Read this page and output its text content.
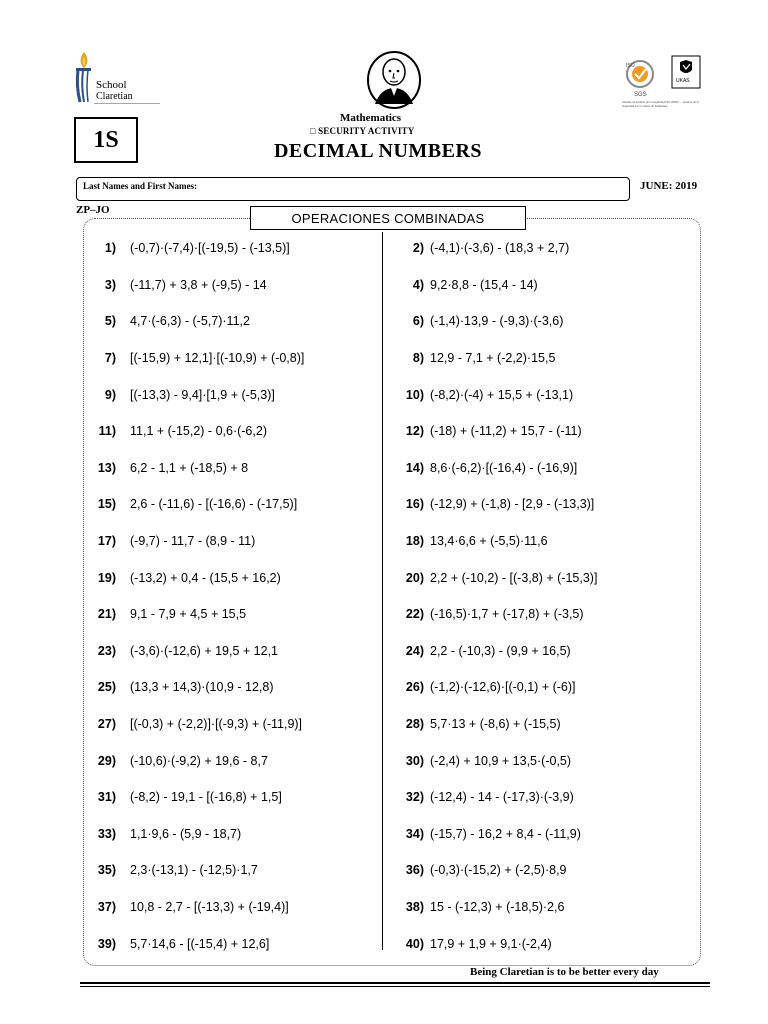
School
Claretian
1S
Mathematics
□ SECURITY ACTIVITY
DECIMAL NUMBERS
ISO
SGS
UKAS
Sistema de Gestión de la Seguridad ISO 28000 — Gestión de la Seguridad en la Cadena de Suministro
Last Names and First Names:	JUNE: 2019
ZP–JO
OPERACIONES COMBINADAS
1)	(-0,7)·(-7,4)·[(-19,5) - (-13,5)]
3)	(-11,7) + 3,8 + (-9,5) - 14
5)	4,7·(-6,3) - (-5,7)·11,2
7)	[(-15,9) + 12,1]·[(-10,9) + (-0,8)]
9)	[(-13,3) - 9,4]·[1,9 + (-5,3)]
11)	11,1 + (-15,2) - 0,6·(-6,2)
13)	6,2 - 1,1 + (-18,5) + 8
15)	2,6 - (-11,6) - [(-16,6) - (-17,5)]
17)	(-9,7) - 11,7 - (8,9 - 11)
19)	(-13,2) + 0,4 - (15,5 + 16,2)
21)	9,1 - 7,9 + 4,5 + 15,5
23)	(-3,6)·(-12,6) + 19,5 + 12,1
25)	(13,3 + 14,3)·(10,9 - 12,8)
27)	[(-0,3) + (-2,2)]·[(-9,3) + (-11,9)]
29)	(-10,6)·(-9,2) + 19,6 - 8,7
31)	(-8,2) - 19,1 - [(-16,8) + 1,5]
33)	1,1·9,6 - (5,9 - 18,7)
35)	2,3·(-13,1) - (-12,5)·1,7
37)	10,8 - 2,7 - [(-13,3) + (-19,4)]
39)	5,7·14,6 - [(-15,4) + 12,6]
2) (-4,1)·(-3,6) - (18,3 + 2,7)
4) 9,2·8,8 - (15,4 - 14)
6) (-1,4)·13,9 - (-9,3)·(-3,6)
8) 12,9 - 7,1 + (-2,2)·15,5
10) (-8,2)·(-4) + 15,5 + (-13,1)
12) (-18) + (-11,2) + 15,7 - (-11)
14) 8,6·(-6,2)·[(-16,4) - (-16,9)]
16) (-12,9) + (-1,8) - [2,9 - (-13,3)]
18) 13,4·6,6 + (-5,5)·11,6
20) 2,2 + (-10,2) - [(-3,8) + (-15,3)]
22) (-16,5)·1,7 + (-17,8) + (-3,5)
24) 2,2 - (-10,3) - (9,9 + 16,5)
26) (-1,2)·(-12,6)·[(-0,1) + (-6)]
28) 5,7·13 + (-8,6) + (-15,5)
30) (-2,4) + 10,9 + 13,5·(-0,5)
32) (-12,4) - 14 - (-17,3)·(-3,9)
34) (-15,7) - 16,2 + 8,4 - (-11,9)
36) (-0,3)·(-15,2) + (-2,5)·8,9
38) 15 - (-12,3) + (-18,5)·2,6
40) 17,9 + 1,9 + 9,1·(-2,4)
Being Claretian is to be better every day
